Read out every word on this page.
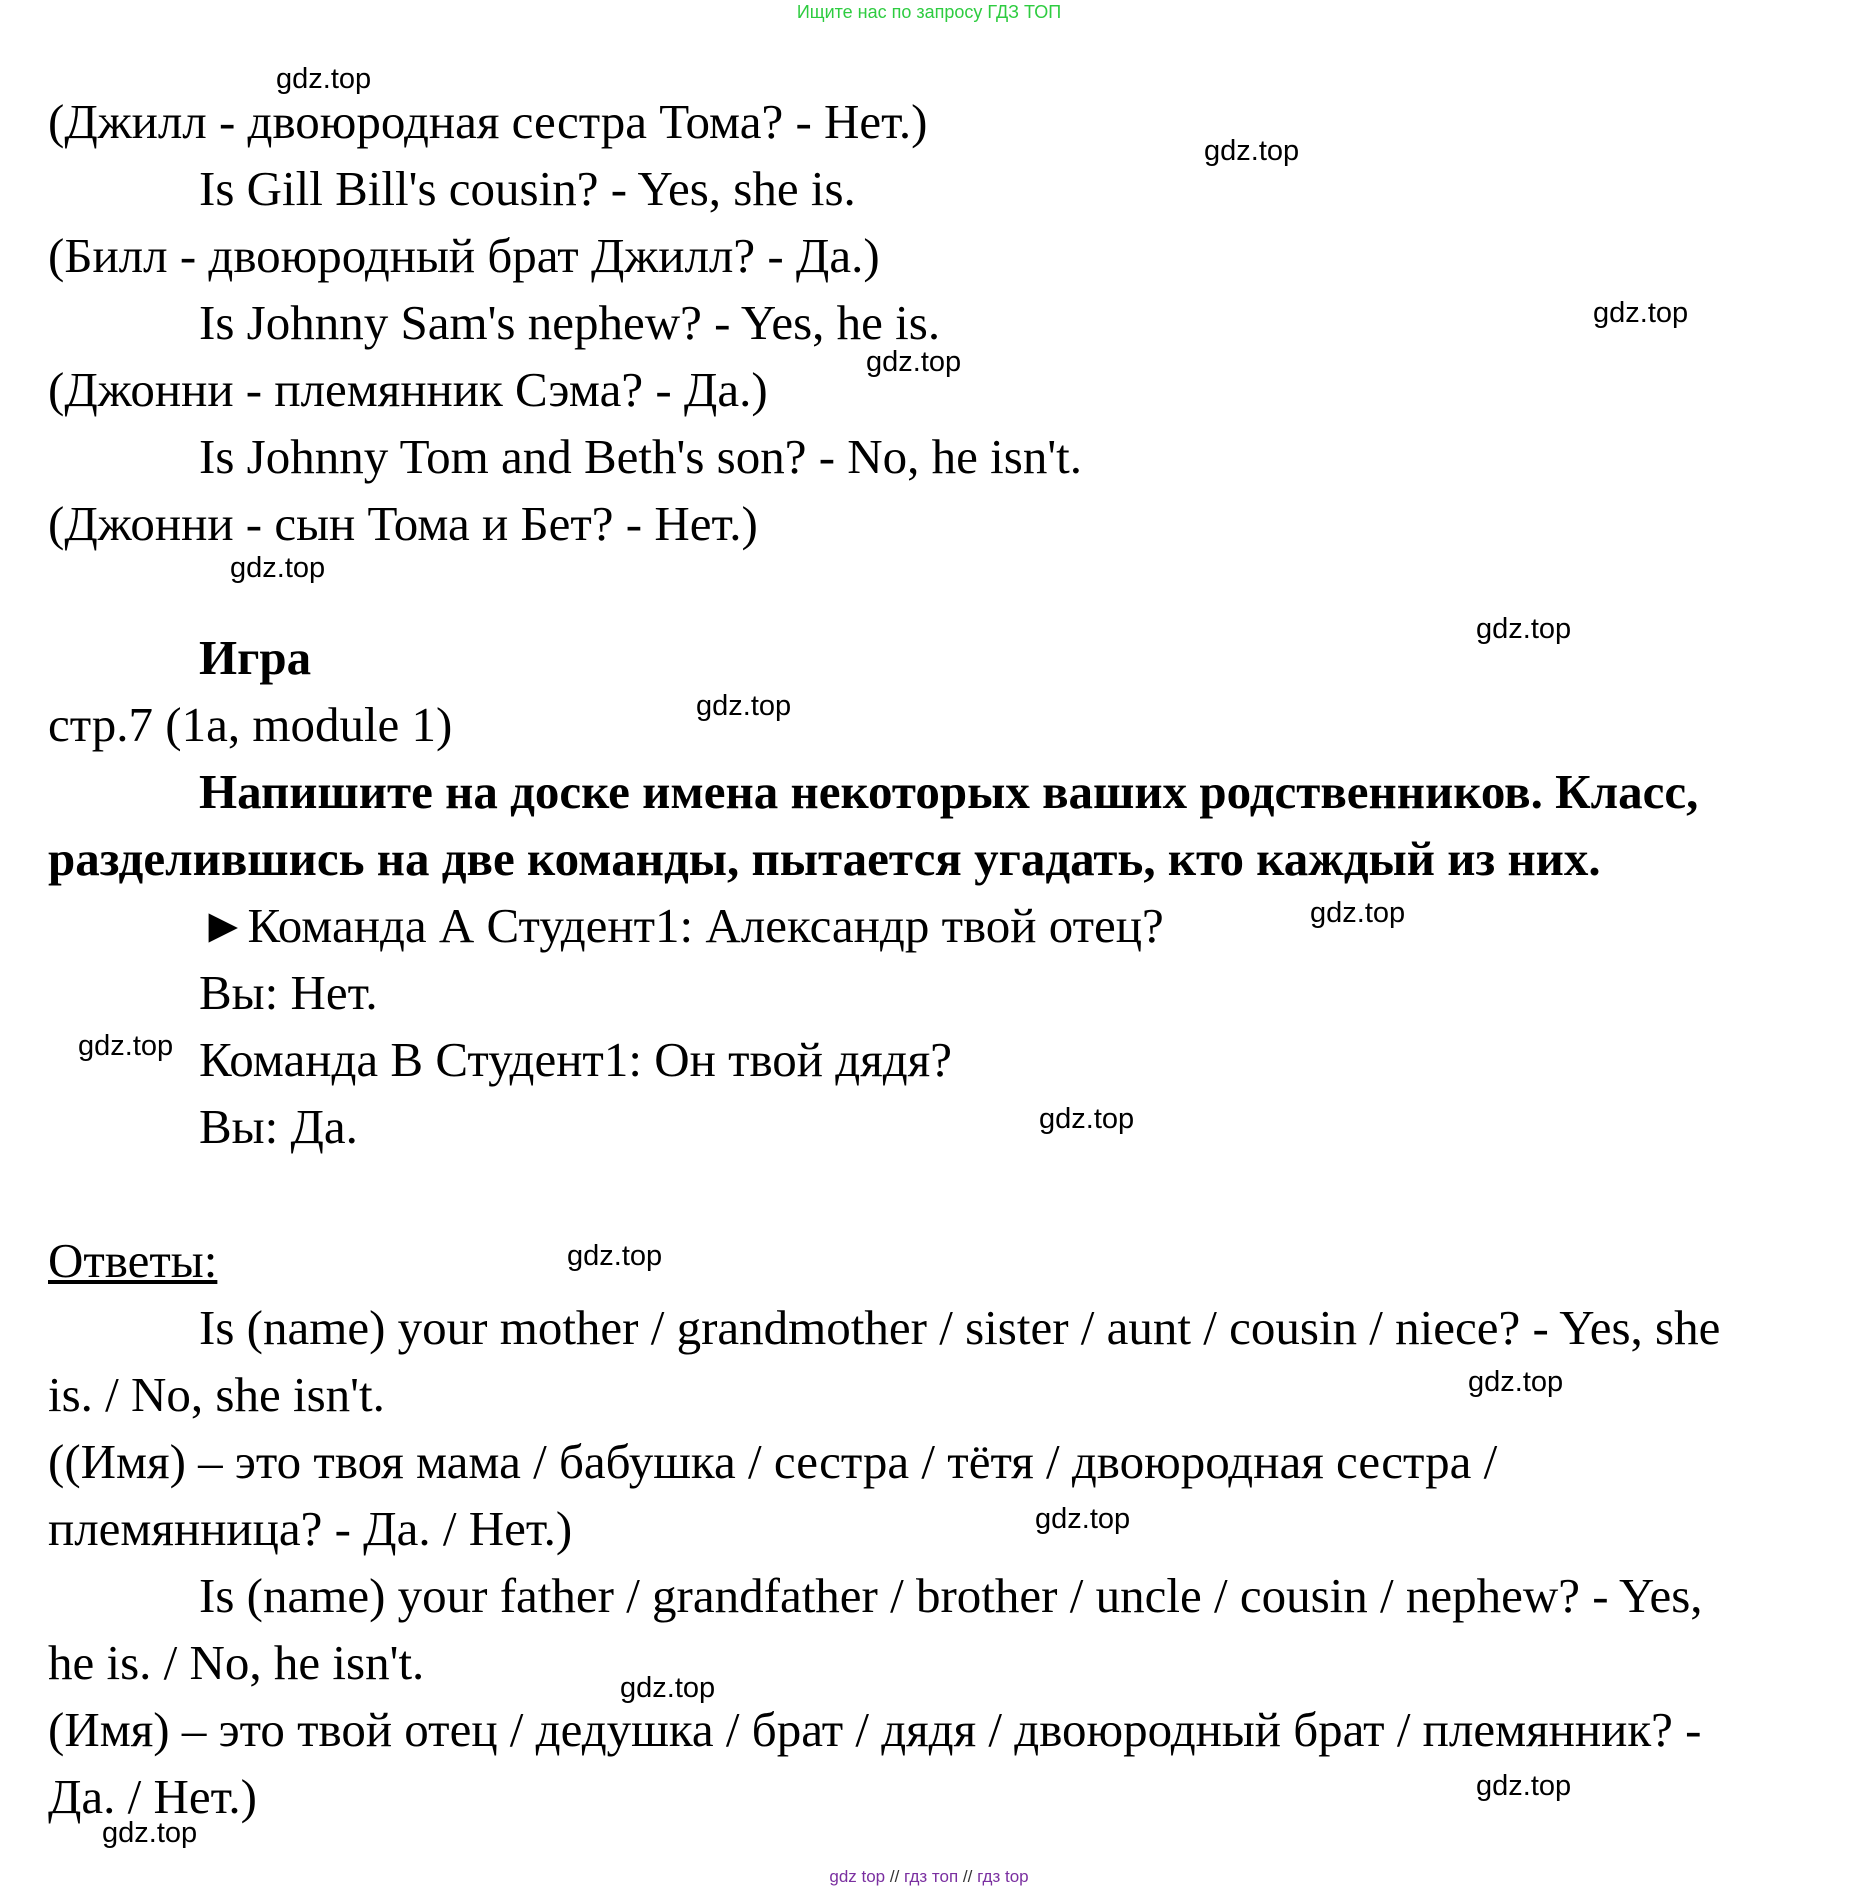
Ищите нас по запросу ГДЗ ТОП
(Джилл - двоюродная сестра Тома? - Нет.)
Is Gill Bill's cousin? - Yes, she is.
(Билл - двоюродный брат Джилл? - Да.)
Is Johnny Sam's nephew? - Yes, he is.
(Джонни - племянник Сэма? - Да.)
Is Johnny Tom and Beth's son? - No, he isn't.
(Джонни - сын Тома и Бет? - Нет.)
Игра
стр.7 (1a, module 1)
Напишите на доске имена некоторых ваших родственников. Класс,
разделившись на две команды, пытается угадать, кто каждый из них.
►Команда А Студент1: Александр твой отец?
Вы: Нет.
Команда В Студент1: Он твой дядя?
Вы: Да.
Ответы:
Is (name) your mother / grandmother / sister / aunt / cousin / niece? - Yes, she
is. / No, she isn't.
((Имя) – это твоя мама / бабушка / сестра / тётя / двоюродная сестра /
племянница? - Да. / Нет.)
Is (name) your father / grandfather / brother / uncle / cousin / nephew? - Yes,
he is. / No, he isn't.
(Имя) – это твой отец / дедушка / брат / дядя / двоюродный брат / племянник? -
Да. / Нет.)
gdz.top
gdz.top
gdz.top
gdz.top
gdz.top
gdz.top
gdz.top
gdz.top
gdz.top
gdz.top
gdz.top
gdz.top
gdz.top
gdz.top
gdz.top
gdz.top
gdz top // гдз топ // гдз top
